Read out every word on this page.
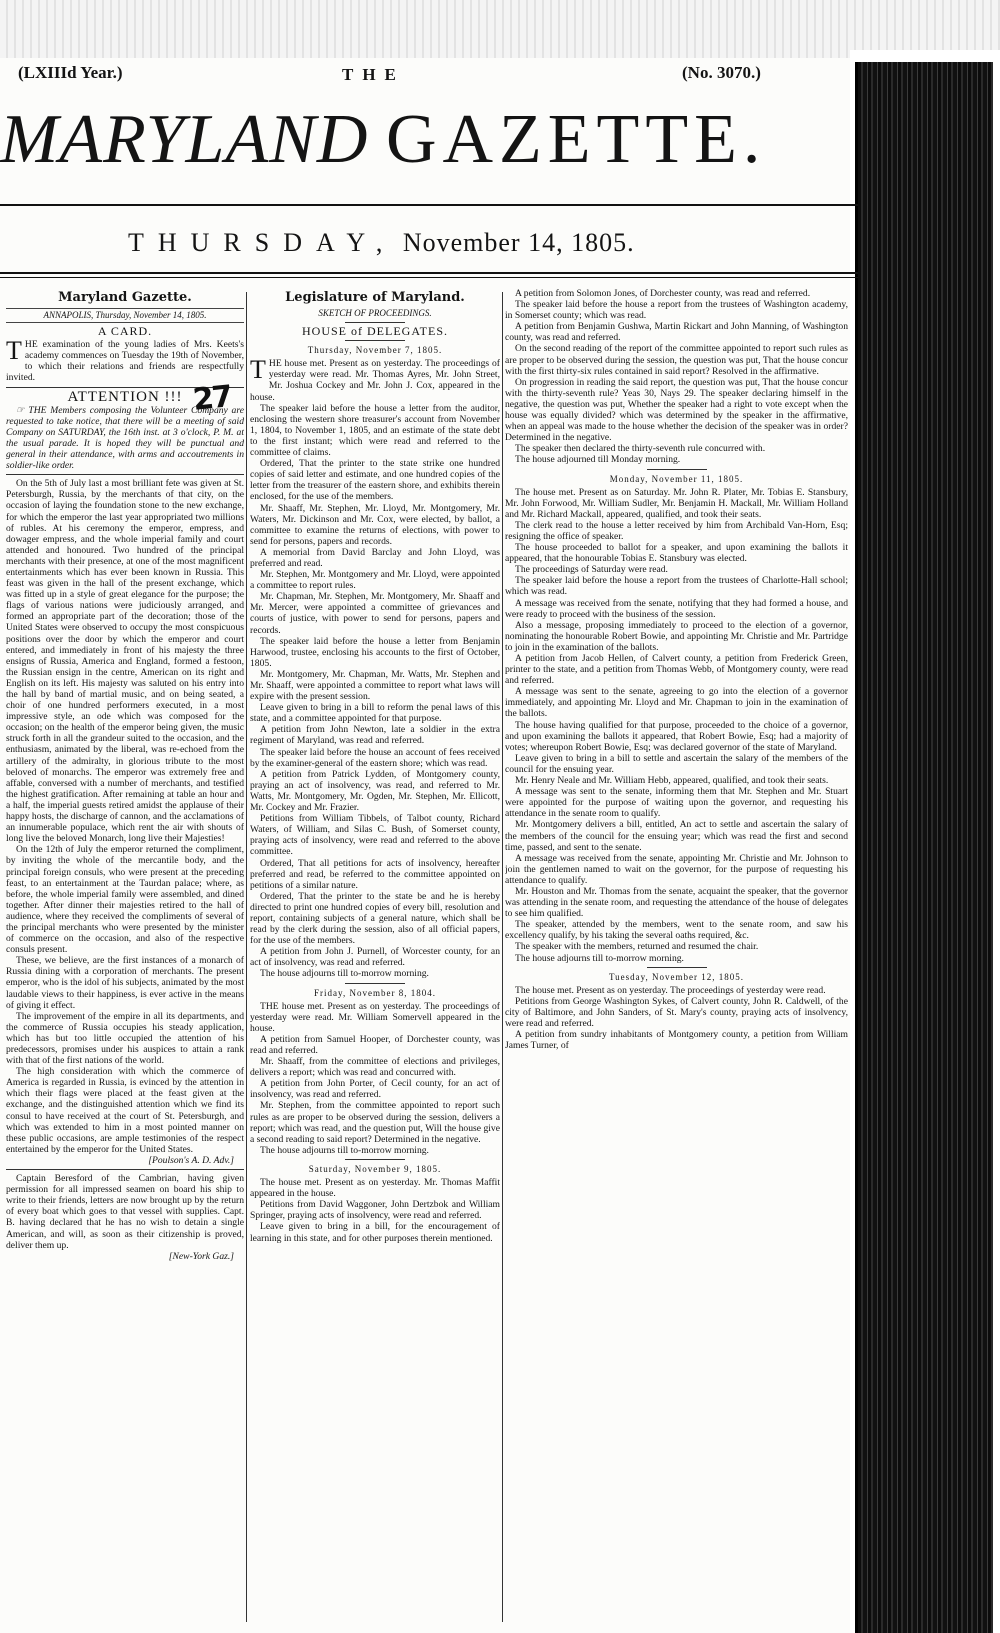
(LXIIId Year.)	THE	(No. 3070.)
MARYLAND GAZETTE.
THURSDAY, November 14, 1805.
Maryland Gazette.
ANNAPOLIS, Thursday, November 14, 1805.
A CARD.

THE examination of the young ladies of Mrs. Keets's academy commences on Tuesday the 19th of November, to which their relations and friends are respectfully invited.

ATTENTION !!!

☞ THE Members composing the Volunteer Company are requested to take notice, that there will be a meeting of said Company on SATURDAY, the 16th inst. at 3 o'clock, P. M. at the usual parade. It is hoped they will be punctual and general in their attendance, with arms and accoutrements in soldier-like order.

On the 5th of July last a most brilliant fete was given at St. Petersburgh, Russia, by the merchants of that city, on the occasion of laying the foundation stone to the new exchange, for which the emperor the last year appropriated two millions of rubles. At his ceremony the emperor, empress, and dowager empress, and the whole imperial family and court attended and honoured. Two hundred of the principal merchants with their presence, at one of the most magnificent entertainments which has ever been known in Russia. This feast was given in the hall of the present exchange, which was fitted up in a style of great elegance for the purpose; the flags of various nations were judiciously arranged, and formed an appropriate part of the decoration; those of the United States were observed to occupy the most conspicuous positions over the door by which the emperor and court entered, and immediately in front of his majesty the three ensigns of Russia, America and England, formed a festoon, the Russian ensign in the centre, American on its right and English on its left. His majesty was saluted on his entry into the hall by band of martial music, and on being seated, a choir of one hundred performers executed, in a most impressive style, an ode which was composed for the occasion; on the health of the emperor being given, the music struck forth in all the grandeur suited to the occasion, and the enthusiasm, animated by the liberal, was re-echoed from the artillery of the admiralty, in glorious tribute to the most beloved of monarchs. The emperor was extremely free and affable, conversed with a number of merchants, and testified the highest gratification. After remaining at table an hour and a half, the imperial guests retired amidst the applause of their happy hosts, the discharge of cannon, and the acclamations of an innumerable populace, which rent the air with shouts of long live the beloved Monarch, long live their Majesties!

On the 12th of July the emperor returned the compliment, by inviting the whole of the mercantile body, and the principal foreign consuls, who were present at the preceding feast, to an entertainment at the Taurdan palace; where, as before, the whole imperial family were assembled, and dined together. After dinner their majesties retired to the hall of audience, where they received the compliments of several of the principal merchants who were presented by the minister of commerce on the occasion, and also of the respective consuls present.

These, we believe, are the first instances of a monarch of Russia dining with a corporation of merchants. The present emperor, who is the idol of his subjects, animated by the most laudable views to their happiness, is ever active in the means of giving it effect.

The improvement of the empire in all its departments, and the commerce of Russia occupies his steady application, which has but too little occupied the attention of his predecessors, promises under his auspices to attain a rank with that of the first nations of the world.

The high consideration with which the commerce of America is regarded in Russia, is evinced by the attention in which their flags were placed at the feast given at the exchange, and the distinguished attention which we find its consul to have received at the court of St. Petersburgh, and which was extended to him in a most pointed manner on these public occasions, are ample testimonies of the respect entertained by the emperor for the United States.

[Poulson's A. D. Adv.]

Captain Beresford of the Cambrian, having given permission for all impressed seamen on board his ship to write to their friends, letters are now brought up by the return of every boat which goes to that vessel with supplies. Capt. B. having declared that he has no wish to detain a single American, and will, as soon as their citizenship is proved, deliver them up.

[New-York Gaz.]
Legislature of Maryland.
SKETCH OF PROCEEDINGS.
HOUSE of DELEGATES.
Thursday, November 7, 1805.

THE house met. Present as on yesterday. The proceedings of yesterday were read. Mr. Thomas Ayres, Mr. John Street, Mr. Joshua Cockey and Mr. John J. Cox, appeared in the house.

The speaker laid before the house a letter from the auditor, enclosing the western shore treasurer's account from November 1, 1804, to November 1, 1805, and an estimate of the state debt to the first instant; which were read and referred to the committee of claims.

Ordered, That the printer to the state strike one hundred copies of said letter and estimate, and one hundred copies of the letter from the treasurer of the eastern shore, and exhibits therein enclosed, for the use of the members.

Mr. Shaaff, Mr. Stephen, Mr. Lloyd, Mr. Montgomery, Mr. Waters, Mr. Dickinson and Mr. Cox, were elected, by ballot, a committee to examine the returns of elections, with power to send for persons, papers and records.

A memorial from David Barclay and John Lloyd, was preferred and read.

Mr. Stephen, Mr. Montgomery and Mr. Lloyd, were appointed a committee to report rules.

Mr. Chapman, Mr. Stephen, Mr. Montgomery, Mr. Shaaff and Mr. Mercer, were appointed a committee of grievances and courts of justice, with power to send for persons, papers and records.

The speaker laid before the house a letter from Benjamin Harwood, trustee, enclosing his accounts to the first of October, 1805.

Mr. Montgomery, Mr. Chapman, Mr. Watts, Mr. Stephen and Mr. Shaaff, were appointed a committee to report what laws will expire with the present session.

Leave given to bring in a bill to reform the penal laws of this state, and a committee appointed for that purpose.

A petition from John Newton, late a soldier in the extra regiment of Maryland, was read and referred.

The speaker laid before the house an account of fees received by the examiner-general of the eastern shore; which was read.

A petition from Patrick Lydden, of Montgomery county, praying an act of insolvency, was read, and referred to Mr. Watts, Mr. Montgomery, Mr. Ogden, Mr. Stephen, Mr. Ellicott, Mr. Cockey and Mr. Frazier.

Petitions from William Tibbels, of Talbot county, Richard Waters, of William, and Silas C. Bush, of Somerset county, praying acts of insolvency, were read and referred to the above committee.

Ordered, That all petitions for acts of insolvency, hereafter preferred and read, be referred to the committee appointed on petitions of a similar nature.

Ordered, That the printer to the state be and he is hereby directed to print one hundred copies of every bill, resolution and report, containing subjects of a general nature, which shall be read by the clerk during the session, also of all official papers, for the use of the members.

A petition from John J. Purnell, of Worcester county, for an act of insolvency, was read and referred.

The house adjourns till to-morrow morning.

Friday, November 8, 1804.

THE house met. Present as on yesterday. The proceedings of yesterday were read. Mr. William Somervell appeared in the house.

A petition from Samuel Hooper, of Dorchester county, was read and referred.

Mr. Shaaff, from the committee of elections and privileges, delivers a report; which was read and concurred with.

A petition from John Porter, of Cecil county, for an act of insolvency, was read and referred.

Mr. Stephen, from the committee appointed to report such rules as are proper to be observed during the session, delivers a report; which was read, and the question put, Will the house give a second reading to said report? Determined in the negative.

The house adjourns till to-morrow morning.

Saturday, November 9, 1805.

The house met. Present as on yesterday. Mr. Thomas Maffit appeared in the house.

Petitions from David Waggoner, John Dertzbok and William Springer, praying acts of insolvency, were read and referred.

Leave given to bring in a bill, for the encouragement of learning in this state, and for other purposes therein mentioned.

A petition from Solomon Jones, of Dorchester county, was read and referred.

The speaker laid before the house a report from the trustees of Washington academy, in Somerset county; which was read.

A petition from Benjamin Gushwa, Martin Rickart and John Manning, of Washington county, was read and referred.

On the second reading of the report of the committee appointed to report such rules as are proper to be observed during the session, the question was put, That the house concur with the first thirty-six rules contained in said report? Resolved in the affirmative.

On progression in reading the said report, the question was put, That the house concur with the thirty-seventh rule? Yeas 30, Nays 29. The speaker declaring himself in the negative, the question was put, Whether the speaker had a right to vote except when the house was equally divided? which was determined by the speaker in the affirmative, when an appeal was made to the house whether the decision of the speaker was in order? Determined in the negative.

The speaker then declared the thirty-seventh rule concurred with.

The house adjourned till Monday morning.

Monday, November 11, 1805.

The house met. Present as on Saturday. Mr. John R. Plater, Mr. Tobias E. Stansbury, Mr. John Forwood, Mr. William Sudler, Mr. Benjamin H. Mackall, Mr. William Holland and Mr. Richard Mackall, appeared, qualified, and took their seats.

The clerk read to the house a letter received by him from Archibald Van-Horn, Esq; resigning the office of speaker.

The house proceeded to ballot for a speaker, and upon examining the ballots it appeared, that the honourable Tobias E. Stansbury was elected.

The proceedings of Saturday were read.

The speaker laid before the house a report from the trustees of Charlotte-Hall school; which was read.

A message was received from the senate, notifying that they had formed a house, and were ready to proceed with the business of the session.

Also a message, proposing immediately to proceed to the election of a governor, nominating the honourable Robert Bowie, and appointing Mr. Christie and Mr. Partridge to join in the examination of the ballots.

A petition from Jacob Hellen, of Calvert county, a petition from Frederick Green, printer to the state, and a petition from Thomas Webb, of Montgomery county, were read and referred.

A message was sent to the senate, agreeing to go into the election of a governor immediately, and appointing Mr. Lloyd and Mr. Chapman to join in the examination of the ballots.

The house having qualified for that purpose, proceeded to the choice of a governor, and upon examining the ballots it appeared, that Robert Bowie, Esq; had a majority of votes; whereupon Robert Bowie, Esq; was declared governor of the state of Maryland.

Leave given to bring in a bill to settle and ascertain the salary of the members of the council for the ensuing year.

Mr. Henry Neale and Mr. William Hebb, appeared, qualified, and took their seats.

A message was sent to the senate, informing them that Mr. Stephen and Mr. Stuart were appointed for the purpose of waiting upon the governor, and requesting his attendance in the senate room to qualify.

Mr. Montgomery delivers a bill, entitled, An act to settle and ascertain the salary of the members of the council for the ensuing year; which was read the first and second time, passed, and sent to the senate.

A message was received from the senate, appointing Mr. Christie and Mr. Johnson to join the gentlemen named to wait on the governor, for the purpose of requesting his attendance to qualify.

Mr. Houston and Mr. Thomas from the senate, acquaint the speaker, that the governor was attending in the senate room, and requesting the attendance of the house of delegates to see him qualified.

The speaker, attended by the members, went to the senate room, and saw his excellency qualify, by his taking the several oaths required, &c.

The speaker with the members, returned and resumed the chair.

The house adjourns till to-morrow morning.

Tuesday, November 12, 1805.

The house met. Present as on yesterday. The proceedings of yesterday were read.

Petitions from George Washington Sykes, of Calvert county, John R. Caldwell, of the city of Baltimore, and John Sanders, of St. Mary's county, praying acts of insolvency, were read and referred.

A petition from sundry inhabitants of Montgomery county, a petition from William James Turner, of

27
